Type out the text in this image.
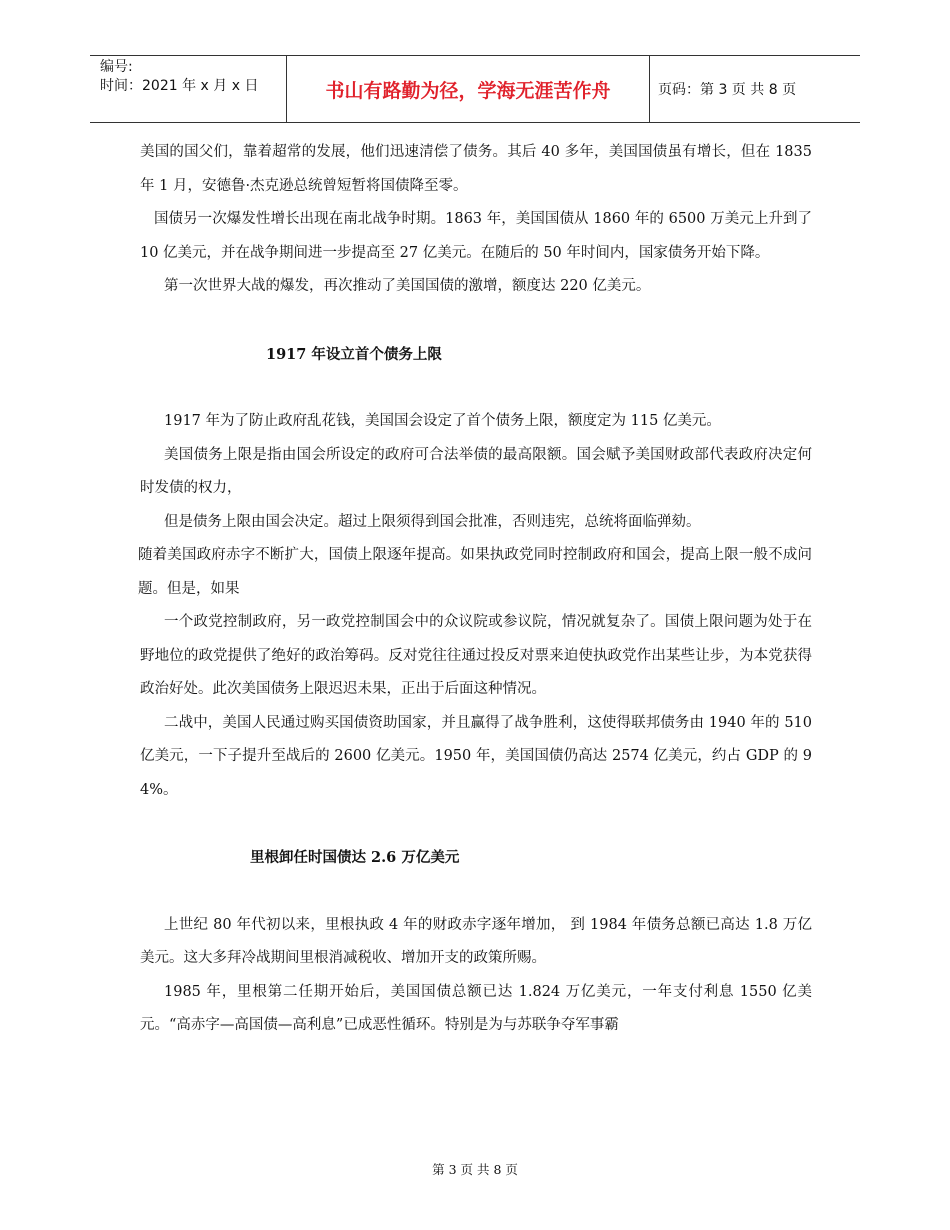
编号:
时间：2021 年 x 月 x 日	书山有路勤为径，学海无涯苦作舟	页码：第 3 页 共 8 页

美国的国父们，靠着超常的发展，他们迅速清偿了债务。其后 40 多年，美国国债虽有增长，但在 1835 年 1 月，安德鲁·杰克逊总统曾短暂将国债降至零。

国债另一次爆发性增长出现在南北战争时期。1863 年，美国国债从 1860 年的 6500 万美元上升到了 10 亿美元，并在战争期间进一步提高至 27 亿美元。在随后的 50 年时间内，国家债务开始下降。

第一次世界大战的爆发，再次推动了美国国债的激增，额度达 220 亿美元。

1917 年设立首个债务上限

1917 年为了防止政府乱花钱，美国国会设定了首个债务上限，额度定为 115 亿美元。

美国债务上限是指由国会所设定的政府可合法举债的最高限额。国会赋予美国财政部代表政府决定何时发债的权力，

但是债务上限由国会决定。超过上限须得到国会批准，否则违宪，总统将面临弹劾。

随着美国政府赤字不断扩大，国债上限逐年提高。如果执政党同时控制政府和国会，提高上限一般不成问题。但是，如果

一个政党控制政府，另一政党控制国会中的众议院或参议院，情况就复杂了。国债上限问题为处于在野地位的政党提供了绝好的政治筹码。反对党往往通过投反对票来迫使执政党作出某些让步，为本党获得政治好处。此次美国债务上限迟迟未果，正出于后面这种情况。

二战中，美国人民通过购买国债资助国家，并且赢得了战争胜利，这使得联邦债务由 1940 年的 510 亿美元，一下子提升至战后的 2600 亿美元。1950 年，美国国债仍高达 2574 亿美元，约占 GDP 的 94%。

里根卸任时国债达 2.6 万亿美元

上世纪 80 年代初以来，里根执政 4 年的财政赤字逐年增加， 到 1984 年债务总额已高达 1.8 万亿美元。这大多拜冷战期间里根消减税收、增加开支的政策所赐。

1985 年，里根第二任期开始后，美国国债总额已达 1.824 万亿美元，一年支付利息 1550 亿美元。“高赤字—高国债—高利息”已成恶性循环。特别是为与苏联争夺军事霸

第 3 页 共 8 页
